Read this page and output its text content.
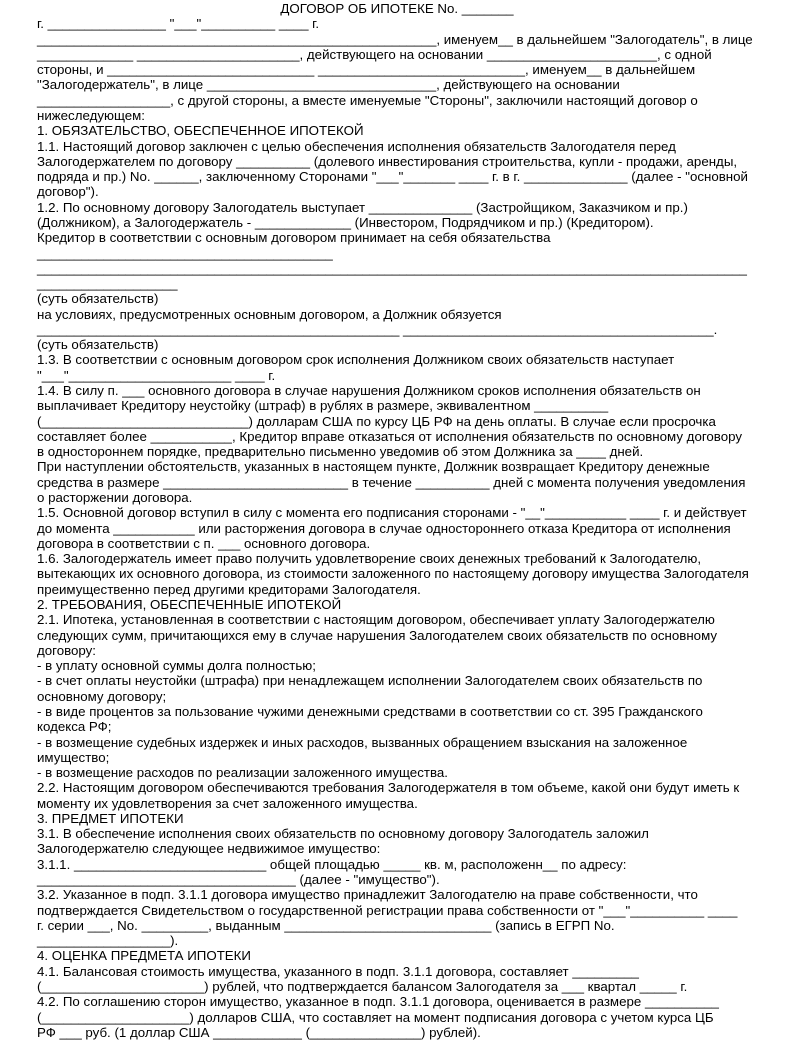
ДОГОВОР ОБ ИПОТЕКЕ No. _______
г. ________________ "___"__________ ____ г.
______________________________________________________, именуем__ в дальнейшем "Залогодатель", в лице
_____________ ______________________, действующего на основании _______________________, с одной
стороны, и ____________________________ ____________________________, именуем__ в дальнейшем
"Залогодержатель", в лице _______________________________, действующего на основании
__________________, с другой стороны, а вместе именуемые "Стороны", заключили настоящий договор о
нижеследующем:
1. ОБЯЗАТЕЛЬСТВО, ОБЕСПЕЧЕННОЕ ИПОТЕКОЙ
1.1. Настоящий договор заключен с целью обеспечения исполнения обязательств Залогодателя перед
Залогодержателем по договору __________ (долевого инвестирования строительства, купли - продажи, аренды,
подряда и пр.) No. ______, заключенному Сторонами "___"_______ ____ г. в г. ______________ (далее - "основной
договор").
1.2. По основному договору Залогодатель выступает ______________ (Застройщиком, Заказчиком и пр.)
(Должником), а Залогодержатель - _____________ (Инвестором, Подрядчиком и пр.) (Кредитором).
Кредитор в соответствии с основным договором принимает на себя обязательства
________________________________________
________________________________________________________________________________________________
___________________
(суть обязательств)
на условиях, предусмотренных основным договором, а Должник обязуется
_________________________________________________ __________________________________________.
(суть обязательств)
1.3. В соответствии с основным договором срок исполнения Должником своих обязательств наступает
"___"______________________ ____ г.
1.4. В силу п. ___ основного договора в случае нарушения Должником сроков исполнения обязательств он
выплачивает Кредитору неустойку (штраф) в рублях в размере, эквивалентном __________
(____________________________) долларам США по курсу ЦБ РФ на день оплаты. В случае если просрочка
составляет более ___________, Кредитор вправе отказаться от исполнения обязательств по основному договору
в одностороннем порядке, предварительно письменно уведомив об этом Должника за ____ дней.
При наступлении обстоятельств, указанных в настоящем пункте, Должник возвращает Кредитору денежные
средства в размере _________________________ в течение __________ дней с момента получения уведомления
о расторжении договора.
1.5. Основной договор вступил в силу с момента его подписания сторонами - "__"___________ ____ г. и действует
до момента ___________ или расторжения договора в случае одностороннего отказа Кредитора от исполнения
договора в соответствии с п. ___ основного договора.
1.6. Залогодержатель имеет право получить удовлетворение своих денежных требований к Залогодателю,
вытекающих их основного договора, из стоимости заложенного по настоящему договору имущества Залогодателя
преимущественно перед другими кредиторами Залогодателя.
2. ТРЕБОВАНИЯ, ОБЕСПЕЧЕННЫЕ ИПОТЕКОЙ
2.1. Ипотека, установленная в соответствии с настоящим договором, обеспечивает уплату Залогодержателю
следующих сумм, причитающихся ему в случае нарушения Залогодателем своих обязательств по основному
договору:
- в уплату основной суммы долга полностью;
- в счет оплаты неустойки (штрафа) при ненадлежащем исполнении Залогодателем своих обязательств по
основному договору;
- в виде процентов за пользование чужими денежными средствами в соответствии со ст. 395 Гражданского
кодекса РФ;
- в возмещение судебных издержек и иных расходов, вызванных обращением взыскания на заложенное
имущество;
- в возмещение расходов по реализации заложенного имущества.
2.2. Настоящим договором обеспечиваются требования Залогодержателя в том объеме, какой они будут иметь к
моменту их удовлетворения за счет заложенного имущества.
3. ПРЕДМЕТ ИПОТЕКИ
3.1. В обеспечение исполнения своих обязательств по основному договору Залогодатель заложил
Залогодержателю следующее недвижимое имущество:
3.1.1. __________________________ общей площадью _____ кв. м, расположенн__ по адресу:
___________________________________ (далее - "имущество").
3.2. Указанное в подп. 3.1.1 договора имущество принадлежит Залогодателю на праве собственности, что
подтверждается Свидетельством о государственной регистрации права собственности от "___"__________ ____
г. серии ___, No. _________, выданным ____________________________ (запись в ЕГРП No.
__________________).
4. ОЦЕНКА ПРЕДМЕТА ИПОТЕКИ
4.1. Балансовая стоимость имущества, указанного в подп. 3.1.1 договора, составляет _________
(______________________) рублей, что подтверждается балансом Залогодателя за ___ квартал _____ г.
4.2. По соглашению сторон имущество, указанное в подп. 3.1.1 договора, оценивается в размере __________
(____________________) долларов США, что составляет на момент подписания договора с учетом курса ЦБ
РФ ___ руб. (1 доллар США ____________ (_______________) рублей).
